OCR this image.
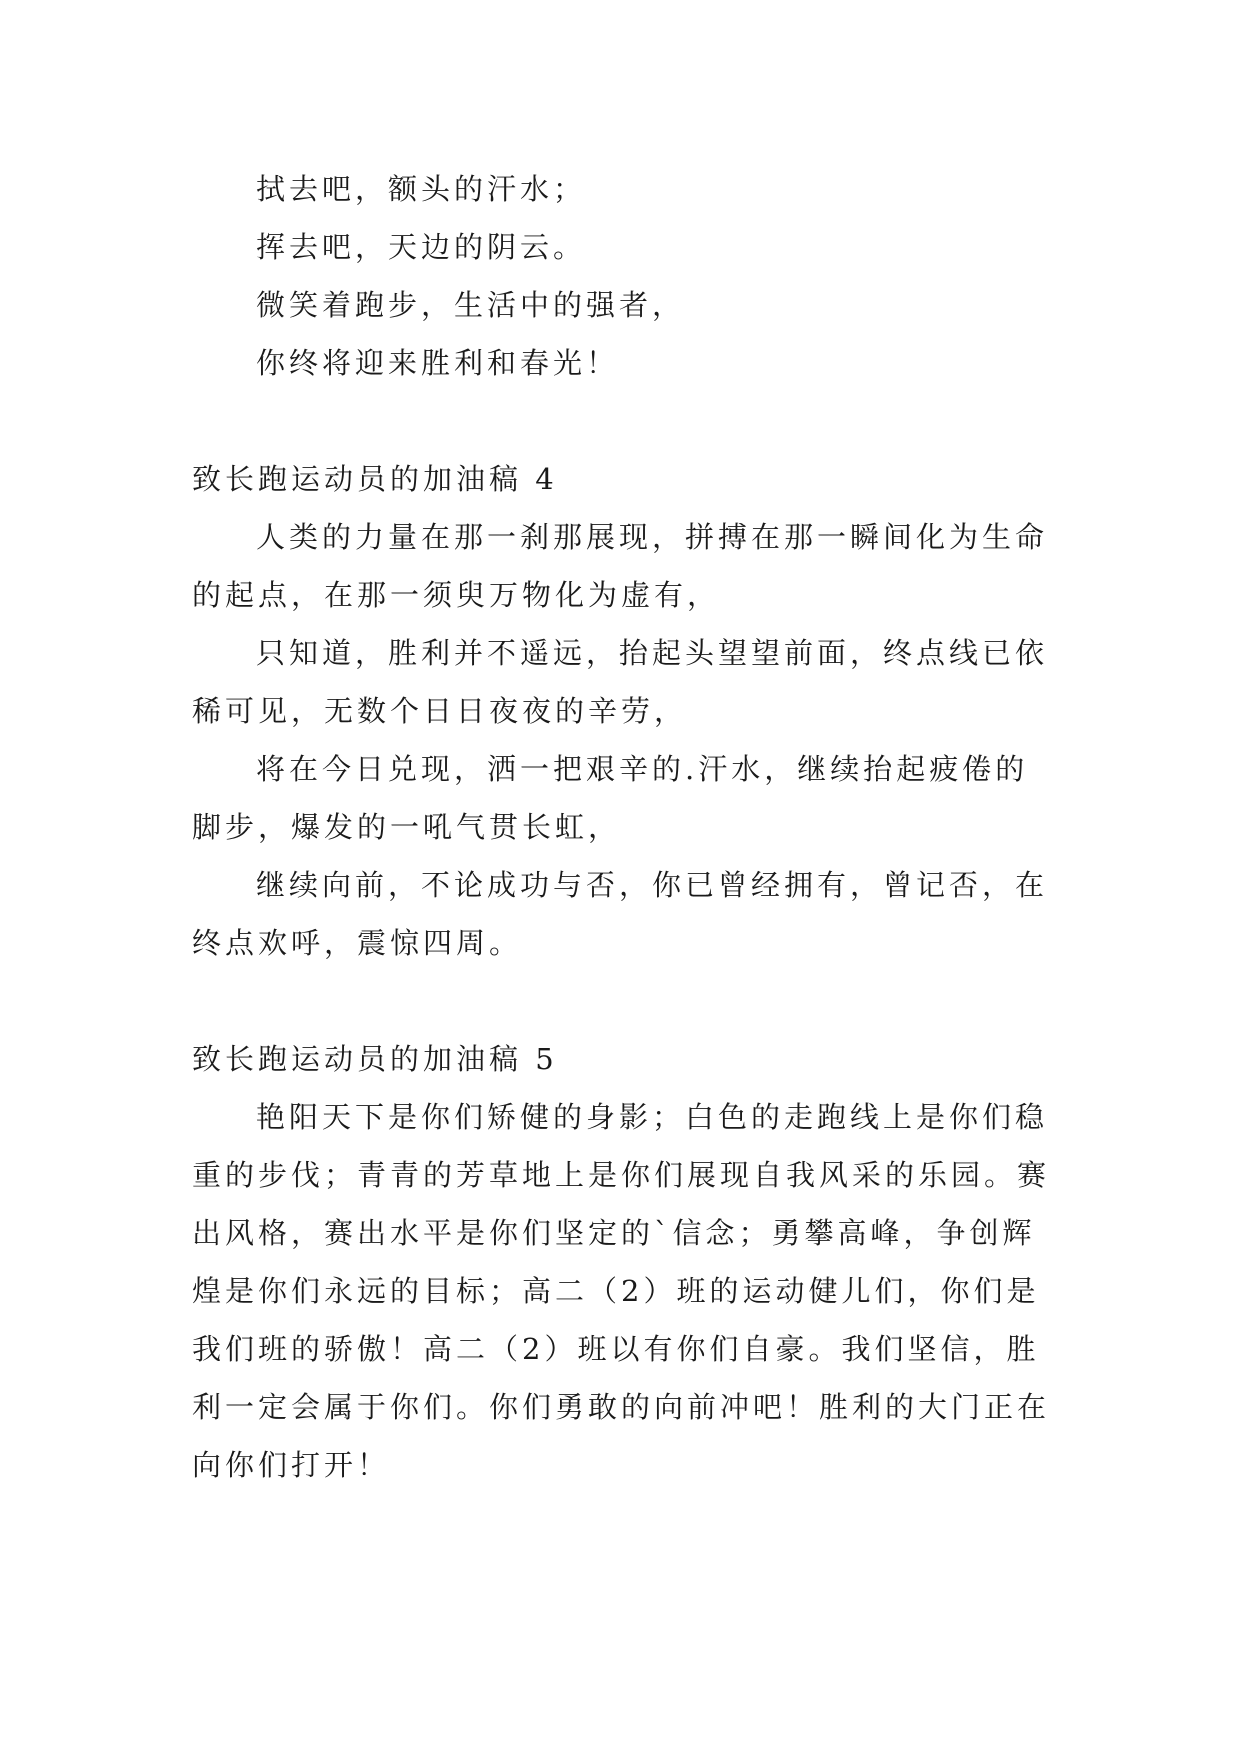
拭去吧，额头的汗水；
挥去吧，天边的阴云。
微笑着跑步，生活中的强者，
你终将迎来胜利和春光！
致长跑运动员的加油稿 4
人类的力量在那一刹那展现，拼搏在那一瞬间化为生命
的起点，在那一须臾万物化为虚有，
只知道，胜利并不遥远，抬起头望望前面，终点线已依
稀可见，无数个日日夜夜的辛劳，
将在今日兑现，洒一把艰辛的.汗水，继续抬起疲倦的
脚步，爆发的一吼气贯长虹，
继续向前，不论成功与否，你已曾经拥有，曾记否，在
终点欢呼，震惊四周。
致长跑运动员的加油稿 5
艳阳天下是你们矫健的身影；白色的走跑线上是你们稳
重的步伐；青青的芳草地上是你们展现自我风采的乐园。赛
出风格，赛出水平是你们坚定的`信念；勇攀高峰，争创辉
煌是你们永远的目标；高二（2）班的运动健儿们，你们是
我们班的骄傲！高二（2）班以有你们自豪。我们坚信，胜
利一定会属于你们。你们勇敢的向前冲吧！胜利的大门正在
向你们打开！
